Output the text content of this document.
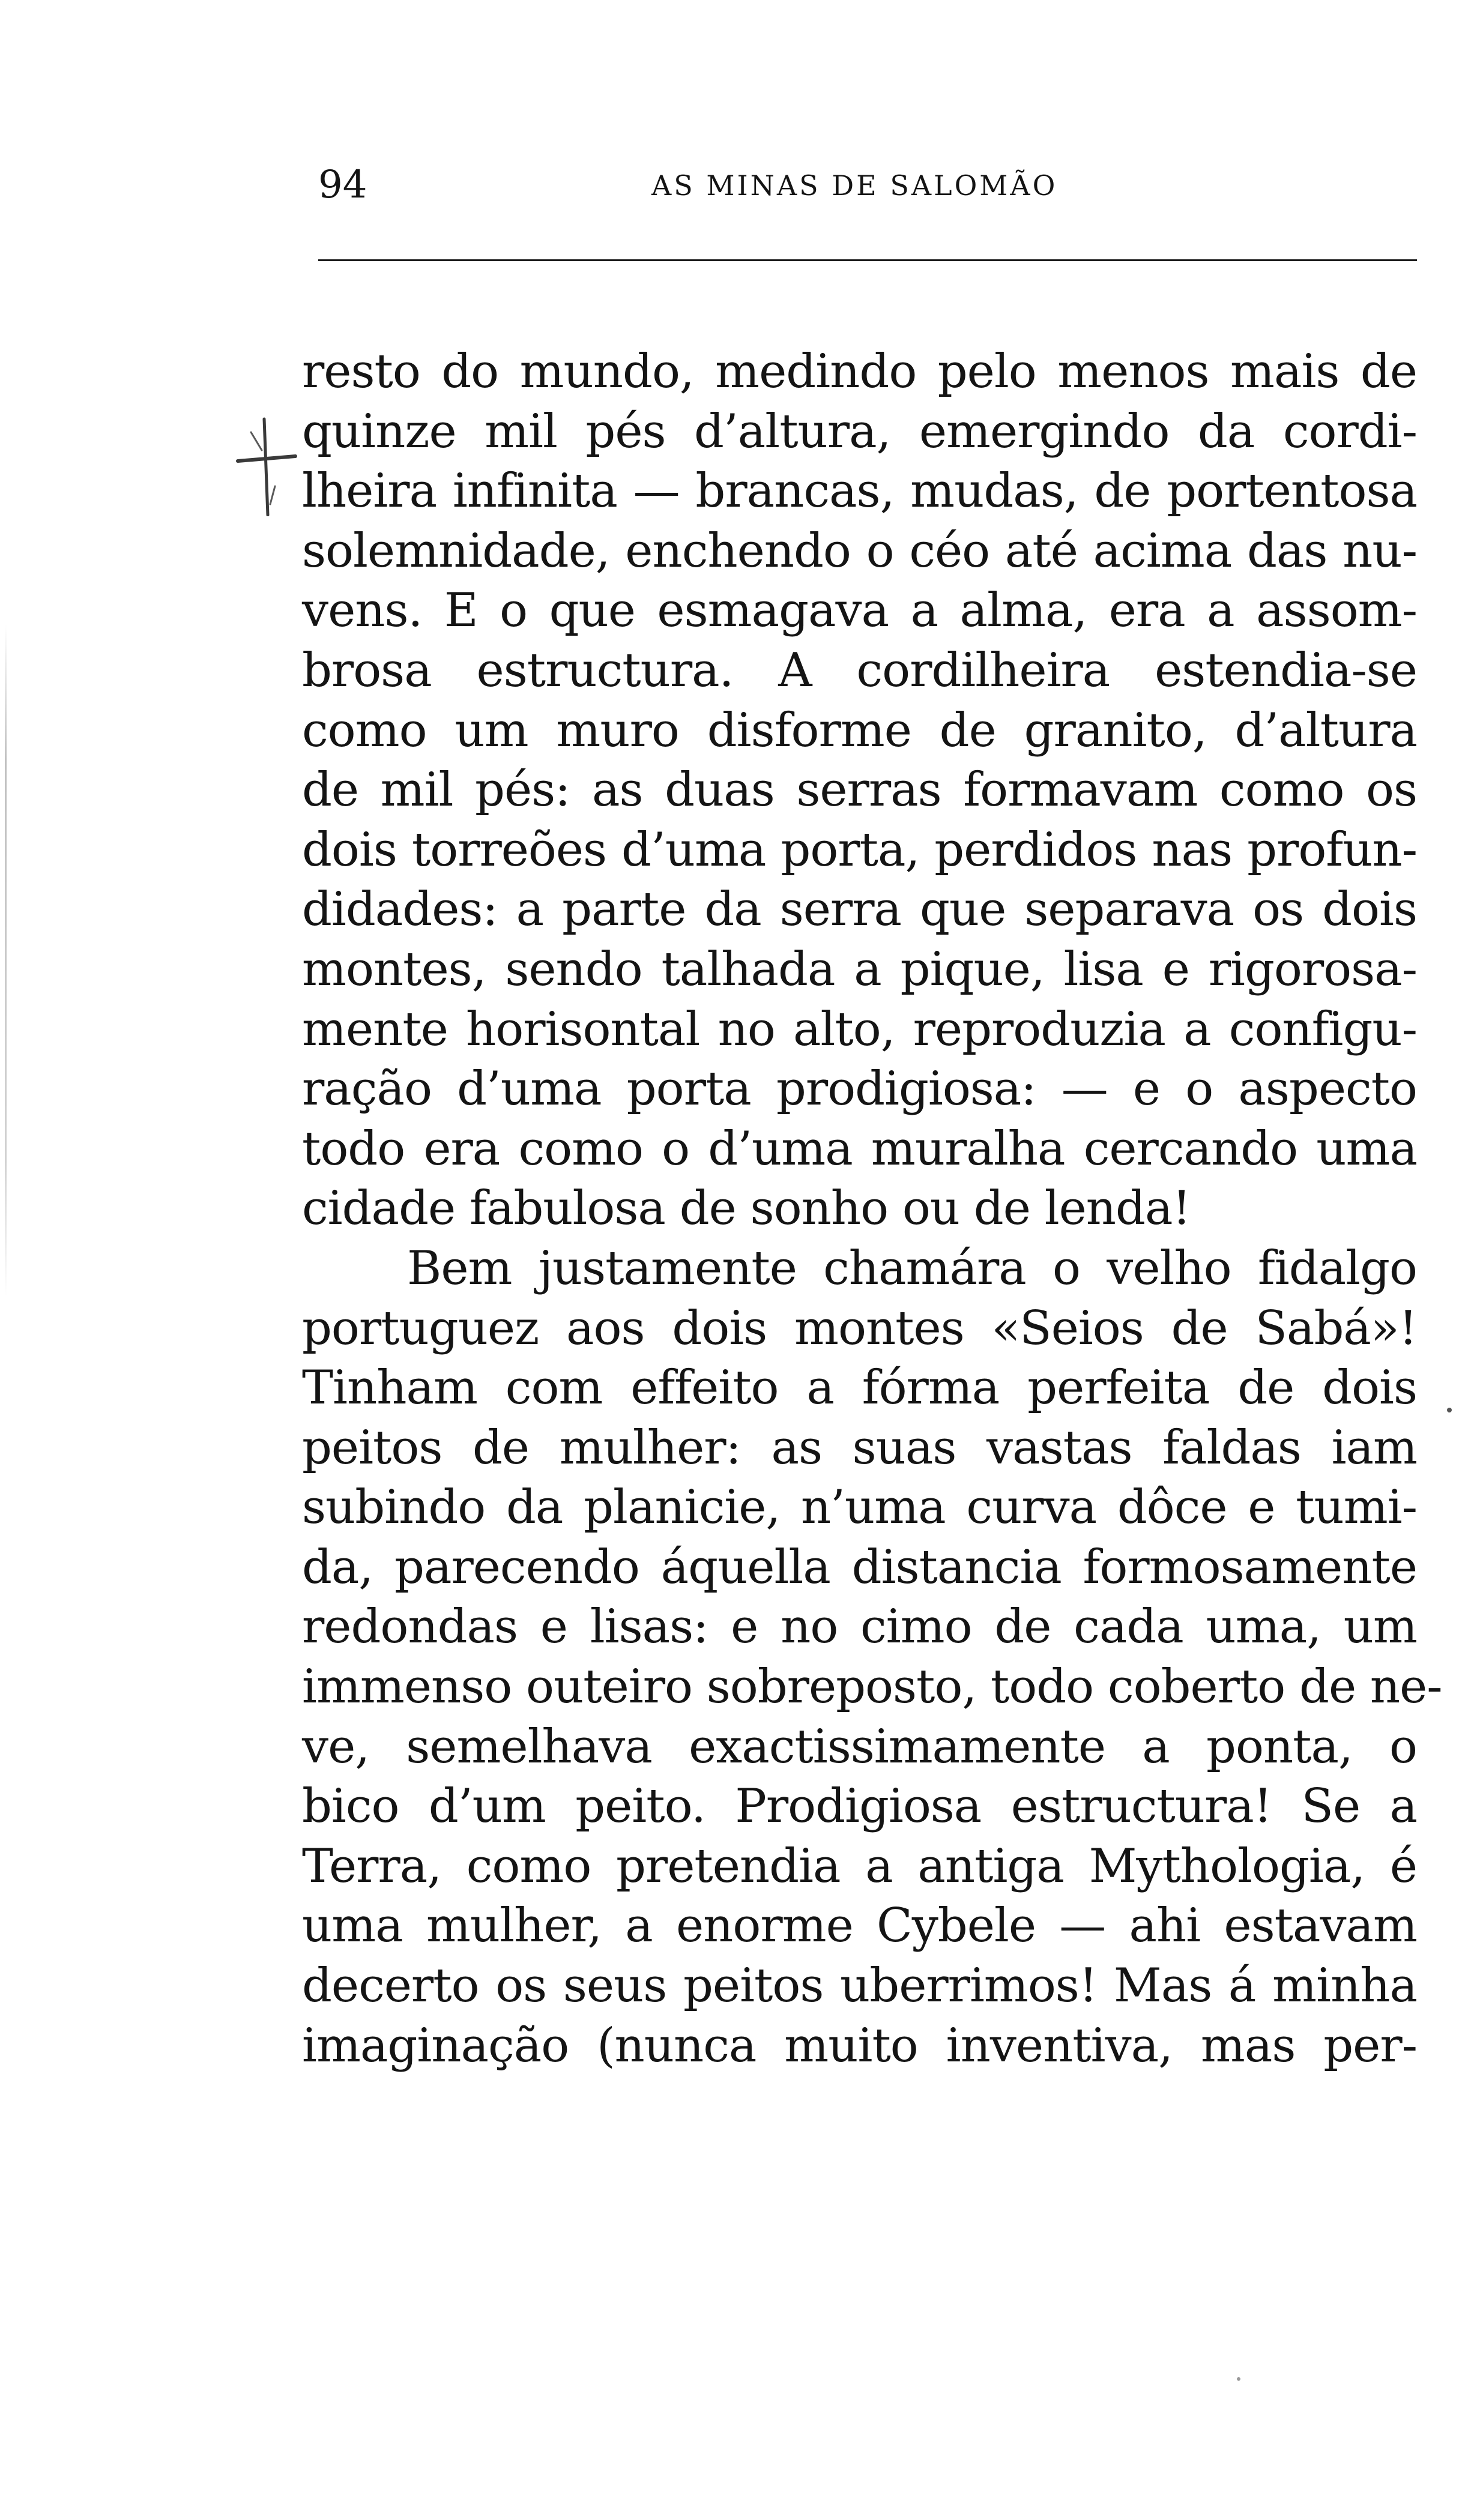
94	AS MINAS DE SALOMÃO
resto do mundo, medindo pelo menos mais de
quinze mil pés d’altura, emergindo da cordi-
lheira infinita — brancas, mudas, de portentosa
solemnidade, enchendo o céo até acima das nu-
vens. E o que esmagava a alma, era a assom-
brosa estructura. A cordilheira estendia-se
como um muro disforme de granito, d’altura
de mil pés: as duas serras formavam como os
dois torreões d’uma porta, perdidos nas profun-
didades: a parte da serra que separava os dois
montes, sendo talhada a pique, lisa e rigorosa-
mente horisontal no alto, reproduzia a configu-
ração d’uma porta prodigiosa: — e o aspecto
todo era como o d’uma muralha cercando uma
cidade fabulosa de sonho ou de lenda!
Bem justamente chamára o velho fidalgo
portuguez aos dois montes «Seios de Sabá»!
Tinham com effeito a fórma perfeita de dois
peitos de mulher: as suas vastas faldas iam
subindo da planicie, n’uma curva dôce e tumi-
da, parecendo áquella distancia formosamente
redondas e lisas: e no cimo de cada uma, um
immenso outeiro sobreposto, todo coberto de ne-
ve, semelhava exactissimamente a ponta, o
bico d’um peito. Prodigiosa estructura! Se a
Terra, como pretendia a antiga Mythologia, é
uma mulher, a enorme Cybele — ahi estavam
decerto os seus peitos uberrimos! Mas á minha
imaginação (nunca muito inventiva, mas per-
